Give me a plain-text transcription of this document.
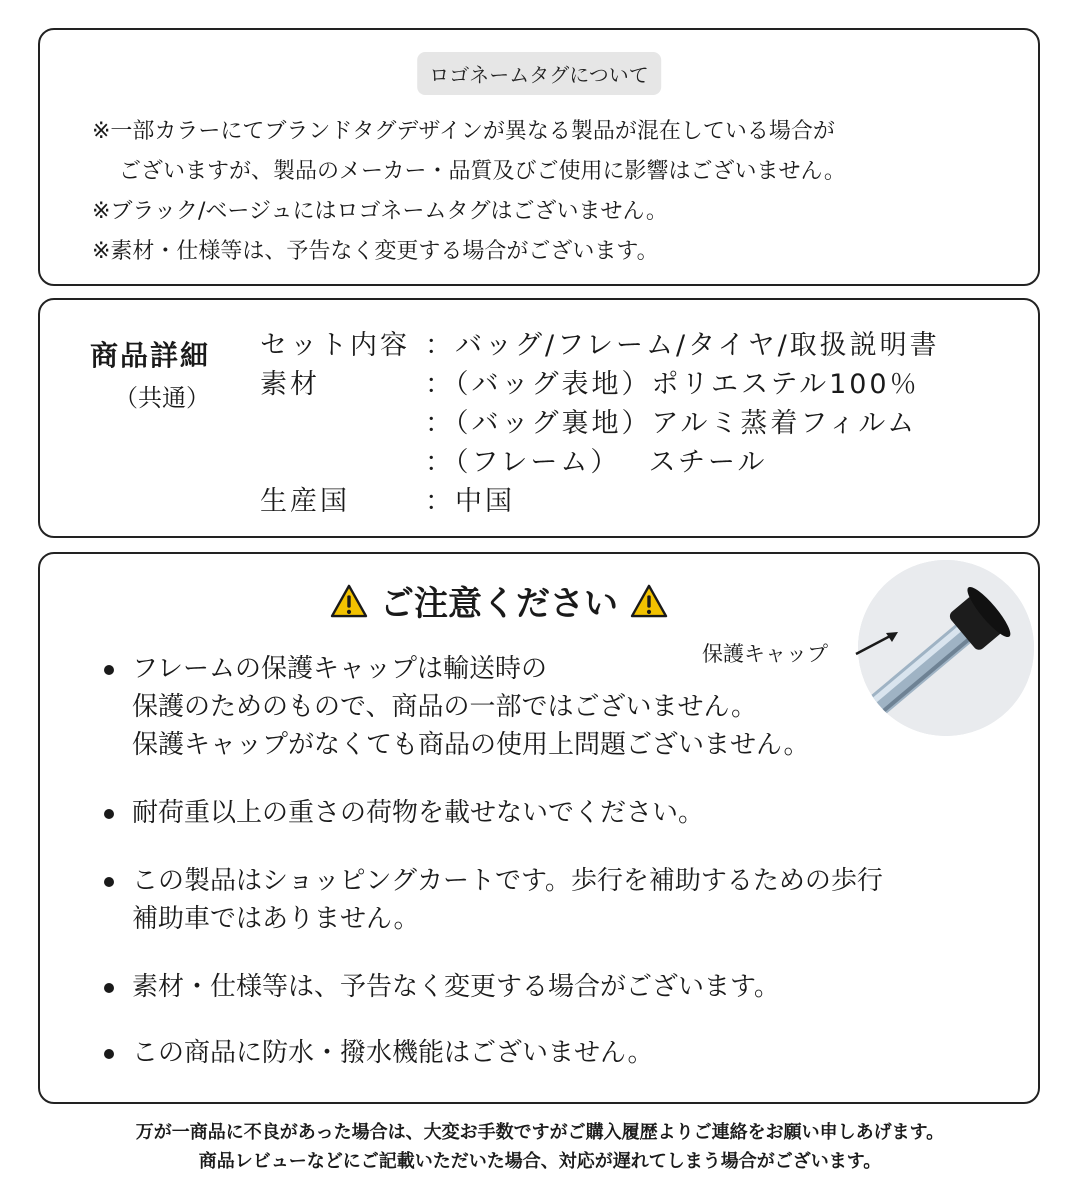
ロゴネームタグについて

※一部カラーにてブランドタグデザインが異なる製品が混在している場合が

ございますが、製品のメーカー・品質及びご使用に影響はございません。

※ブラック/ベージュにはロゴネームタグはございません。

※素材・仕様等は、予告なく変更する場合がございます。

商品詳細
（共通）
セット内容 ：バッグ/フレーム/タイヤ/取扱説明書
素材	：（バッグ表地）ポリエステル100％
：（バッグ裏地）アルミ蒸着フィルム
：（フレーム）　 スチール
生産国	：中国
ご注意ください
保護キャップ

フレームの保護キャップは輸送時の

保護のためのもので、商品の一部ではございません。

保護キャップがなくても商品の使用上問題ございません。

耐荷重以上の重さの荷物を載せないでください。

この製品はショッピングカートです。歩行を補助するための歩行

補助車ではありません。

素材・仕様等は、予告なく変更する場合がございます。

この商品に防水・撥水機能はございません。

万が一商品に不良があった場合は、大変お手数ですがご購入履歴よりご連絡をお願い申しあげます。

商品レビューなどにご記載いただいた場合、対応が遅れてしまう場合がございます。
